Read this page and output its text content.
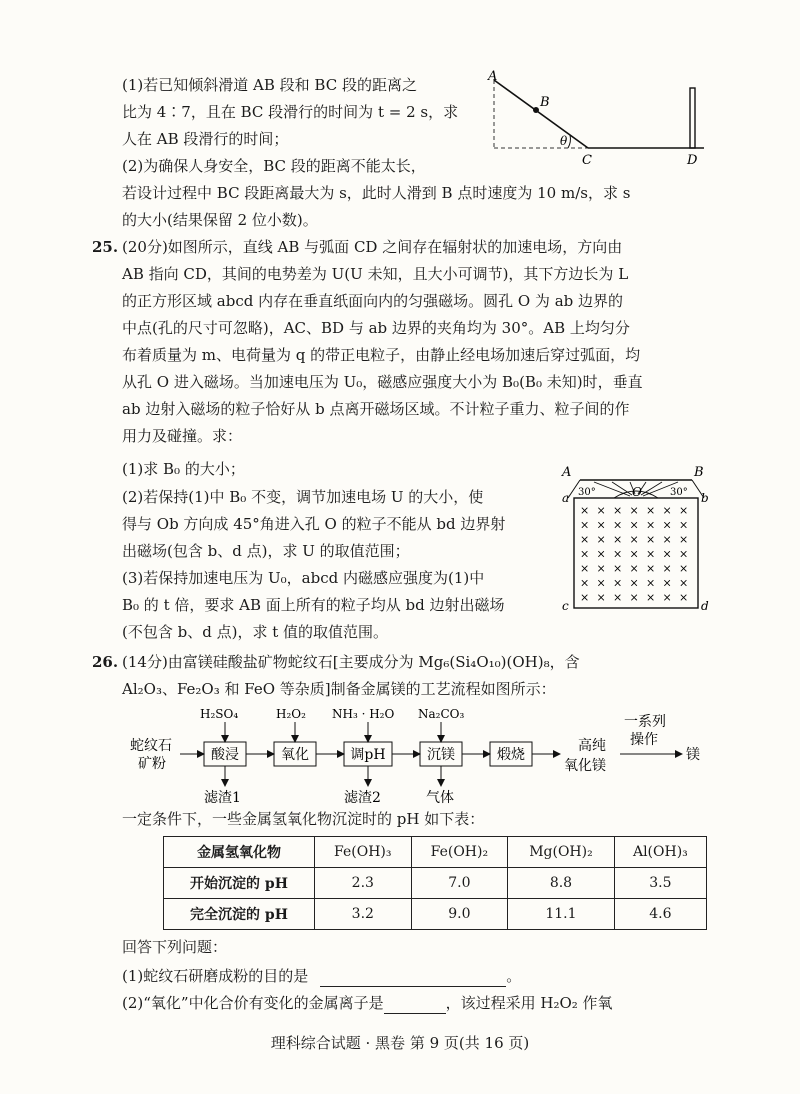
(1)若已知倾斜滑道 AB 段和 BC 段的距离之
比为 4∶7，且在 BC 段滑行的时间为 t = 2 s，求
人在 AB 段滑行的时间；
(2)为确保人身安全，BC 段的距离不能太长，
若设计过程中 BC 段距离最大为 s，此时人滑到 B 点时速度为 10 m/s，求 s
的大小(结果保留 2 位小数)。
A
B
θ
C	D
25. (20分)如图所示，直线 AB 与弧面 CD 之间存在辐射状的加速电场，方向由
AB 指向 CD，其间的电势差为 U(U 未知，且大小可调节)，其下方边长为 L
的正方形区域 abcd 内存在垂直纸面向内的匀强磁场。圆孔 O 为 ab 边界的
中点(孔的尺寸可忽略)，AC、BD 与 ab 边界的夹角均为 30°。AB 上均匀分
布着质量为 m、电荷量为 q 的带正电粒子，由静止经电场加速后穿过弧面，均
从孔 O 进入磁场。当加速电压为 U₀，磁感应强度大小为 B₀(B₀ 未知)时，垂直
ab 边射入磁场的粒子恰好从 b 点离开磁场区域。不计粒子重力、粒子间的作
用力及碰撞。求：
(1)求 B₀ 的大小；
(2)若保持(1)中 B₀ 不变，调节加速电场 U 的大小，使
得与 Ob 方向成 45°角进入孔 O 的粒子不能从 bd 边界射
出磁场(包含 b、d 点)，求 U 的取值范围；
(3)若保持加速电压为 U₀，abcd 内磁感应强度为(1)中
B₀ 的 t 倍，要求 AB 面上所有的粒子均从 bd 边射出磁场
(不包含 b、d 点)，求 t 值的取值范围。
× × × × × × ×
× × × × × × ×
× × × × × × ×
× × × × × × ×
× × × × × × ×
× × × × × × ×
× × × × × × ×
A	B
a	b
c	d
O
30°	30°
26. (14分)由富镁硅酸盐矿物蛇纹石[主要成分为 Mg₆(Si₄O₁₀)(OH)₈，含
Al₂O₃、Fe₂O₃ 和 FeO 等杂质]制备金属镁的工艺流程如图所示：
蛇纹石
矿粉
酸浸	氧化	调pH	沉镁	煅烧
高纯
氧化镁
一系列
操作
镁
H₂SO₄	H₂O₂ NH₃ · H₂O Na₂CO₃
滤渣1	滤渣2	气体
一定条件下，一些金属氢氧化物沉淀时的 pH 如下表：
金属氢氧化物	Fe(OH)₃	Fe(OH)₂	Mg(OH)₂	Al(OH)₃
开始沉淀的 pH	2.3	7.0	8.8	3.5
完全沉淀的 pH	3.2	9.0	11.1	4.6
回答下列问题：
(1)蛇纹石研磨成粉的目的是	。
(2)“氧化”中化合价有变化的金属离子是	，该过程采用 H₂O₂ 作氧
理科综合试题 · 黑卷 第 9 页(共 16 页)
